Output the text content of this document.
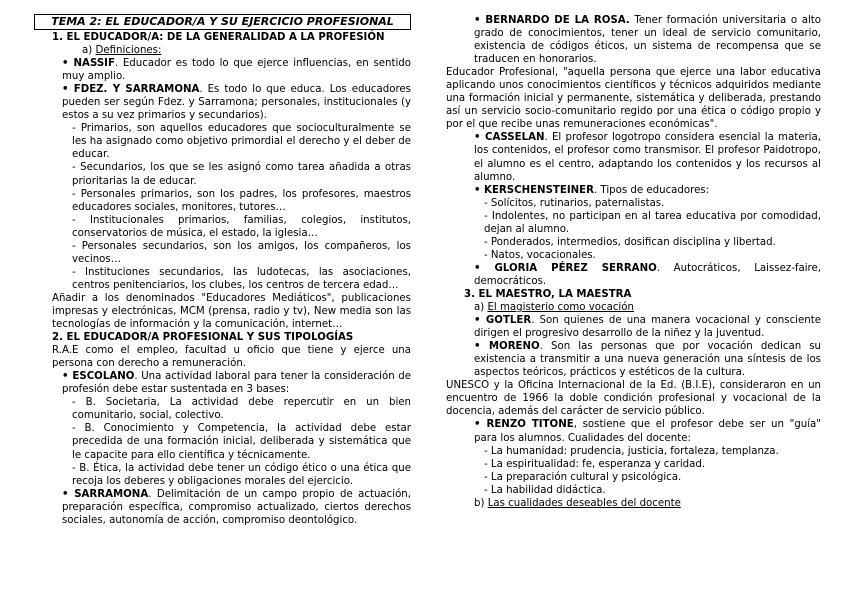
TEMA 2: EL EDUCADOR/A Y SU EJERCICIO PROFESIONAL

1. EL EDUCADOR/A: DE LA GENERALIDAD A LA PROFESIÓN

a) Definiciones:

• NASSIF. Educador es todo lo que ejerce influencias, en sentido muy amplio.

• FDEZ. Y SARRAMONA. Es todo lo que educa. Los educadores pueden ser según Fdez. y Sarramona; personales, institucionales (y estos a su vez primarios y secundarios).

- Primarios, son aquellos educadores que socioculturalmente se les ha asignado como objetivo primordial el derecho y el deber de educar.

- Secundarios, los que se les asignó como tarea añadida a otras prioritarias la de educar.

- Personales primarios, son los padres, los profesores, maestros educadores sociales, monitores, tutores…

- Institucionales primarios, familias, colegios, institutos, conservatorios de música, el estado, la iglesia…

- Personales secundarios, son los amigos, los compañeros, los vecinos…

- Instituciones secundarios, las ludotecas, las asociaciones, centros penitenciarios, los clubes, los centros de tercera edad…

Añadir a los denominados "Educadores Mediáticos", publicaciones impresas y electrónicas, MCM (prensa, radio y tv), New media son las tecnologías de información y la comunicación, internet…

2. EL EDUCADOR/A PROFESIONAL Y SUS TIPOLOGÍAS

R.A.E como el empleo, facultad u oficio que tiene y ejerce una persona con derecho a remuneración.

• ESCOLANO. Una actividad laboral para tener la consideración de profesión debe estar sustentada en 3 bases:

- B. Societaria, La actividad debe repercutir en un bien comunitario, social, colectivo.

- B. Conocimiento y Competencia, la actividad debe estar precedida de una formación inicial, deliberada y sistemática que le capacite para ello científica y técnicamente.

- B. Ética, la actividad debe tener un código ético o una ética que recoja los deberes y obligaciones morales del ejercicio.

• SARRAMONA. Delimitación de un campo propio de actuación, preparación específica, compromiso actualizado, ciertos derechos sociales, autonomía de acción, compromiso deontológico.

• BERNARDO DE LA ROSA. Tener formación universitaria o alto grado de conocimientos, tener un ideal de servicio comunitario, existencia de códigos éticos, un sistema de recompensa que se traducen en honorarios.

Educador Profesional, "aquella persona que ejerce una labor educativa aplicando unos conocimientos científicos y técnicos adquiridos mediante una formación inicial y permanente, sistemática y deliberada, prestando así un servicio socio-comunitario regido por una ética o código propio y por el que recibe unas remuneraciones económicas".

• CASSELAN. El profesor logotropo considera esencial la materia, los contenidos, el profesor como transmisor. El profesor Paidotropo, el alumno es el centro, adaptando los contenidos y los recursos al alumno.

• KERSCHENSTEINER. Tipos de educadores:

- Solícitos, rutinarios, paternalistas.

- Indolentes, no participan en al tarea educativa por comodidad, dejan al alumno.

- Ponderados, intermedios, dosifican disciplina y libertad.

- Natos, vocacionales.

• GLORIA PÉREZ SERRANO. Autocráticos, Laissez-faire, democráticos.

3. EL MAESTRO, LA MAESTRA

a) El magisterio como vocación

• GOTLER. Son quienes de una manera vocacional y consciente dirigen el progresivo desarrollo de la niñez y la juventud.

• MORENO. Son las personas que por vocación dedican su existencia a transmitir a una nueva generación una síntesis de los aspectos teóricos, prácticos y estéticos de la cultura.

UNESCO y la Oficina Internacional de la Ed. (B.I.E), consideraron en un encuentro de 1966 la doble condición profesional y vocacional de la docencia, además del carácter de servicio público.

• RENZO TITONE, sostiene que el profesor debe ser un "guía" para los alumnos. Cualidades del docente:

- La humanidad: prudencia, justicia, fortaleza, templanza.

- La espiritualidad: fe, esperanza y caridad.

- La preparación cultural y psicológica.

- La habilidad didáctica.

b) Las cualidades deseables del docente
